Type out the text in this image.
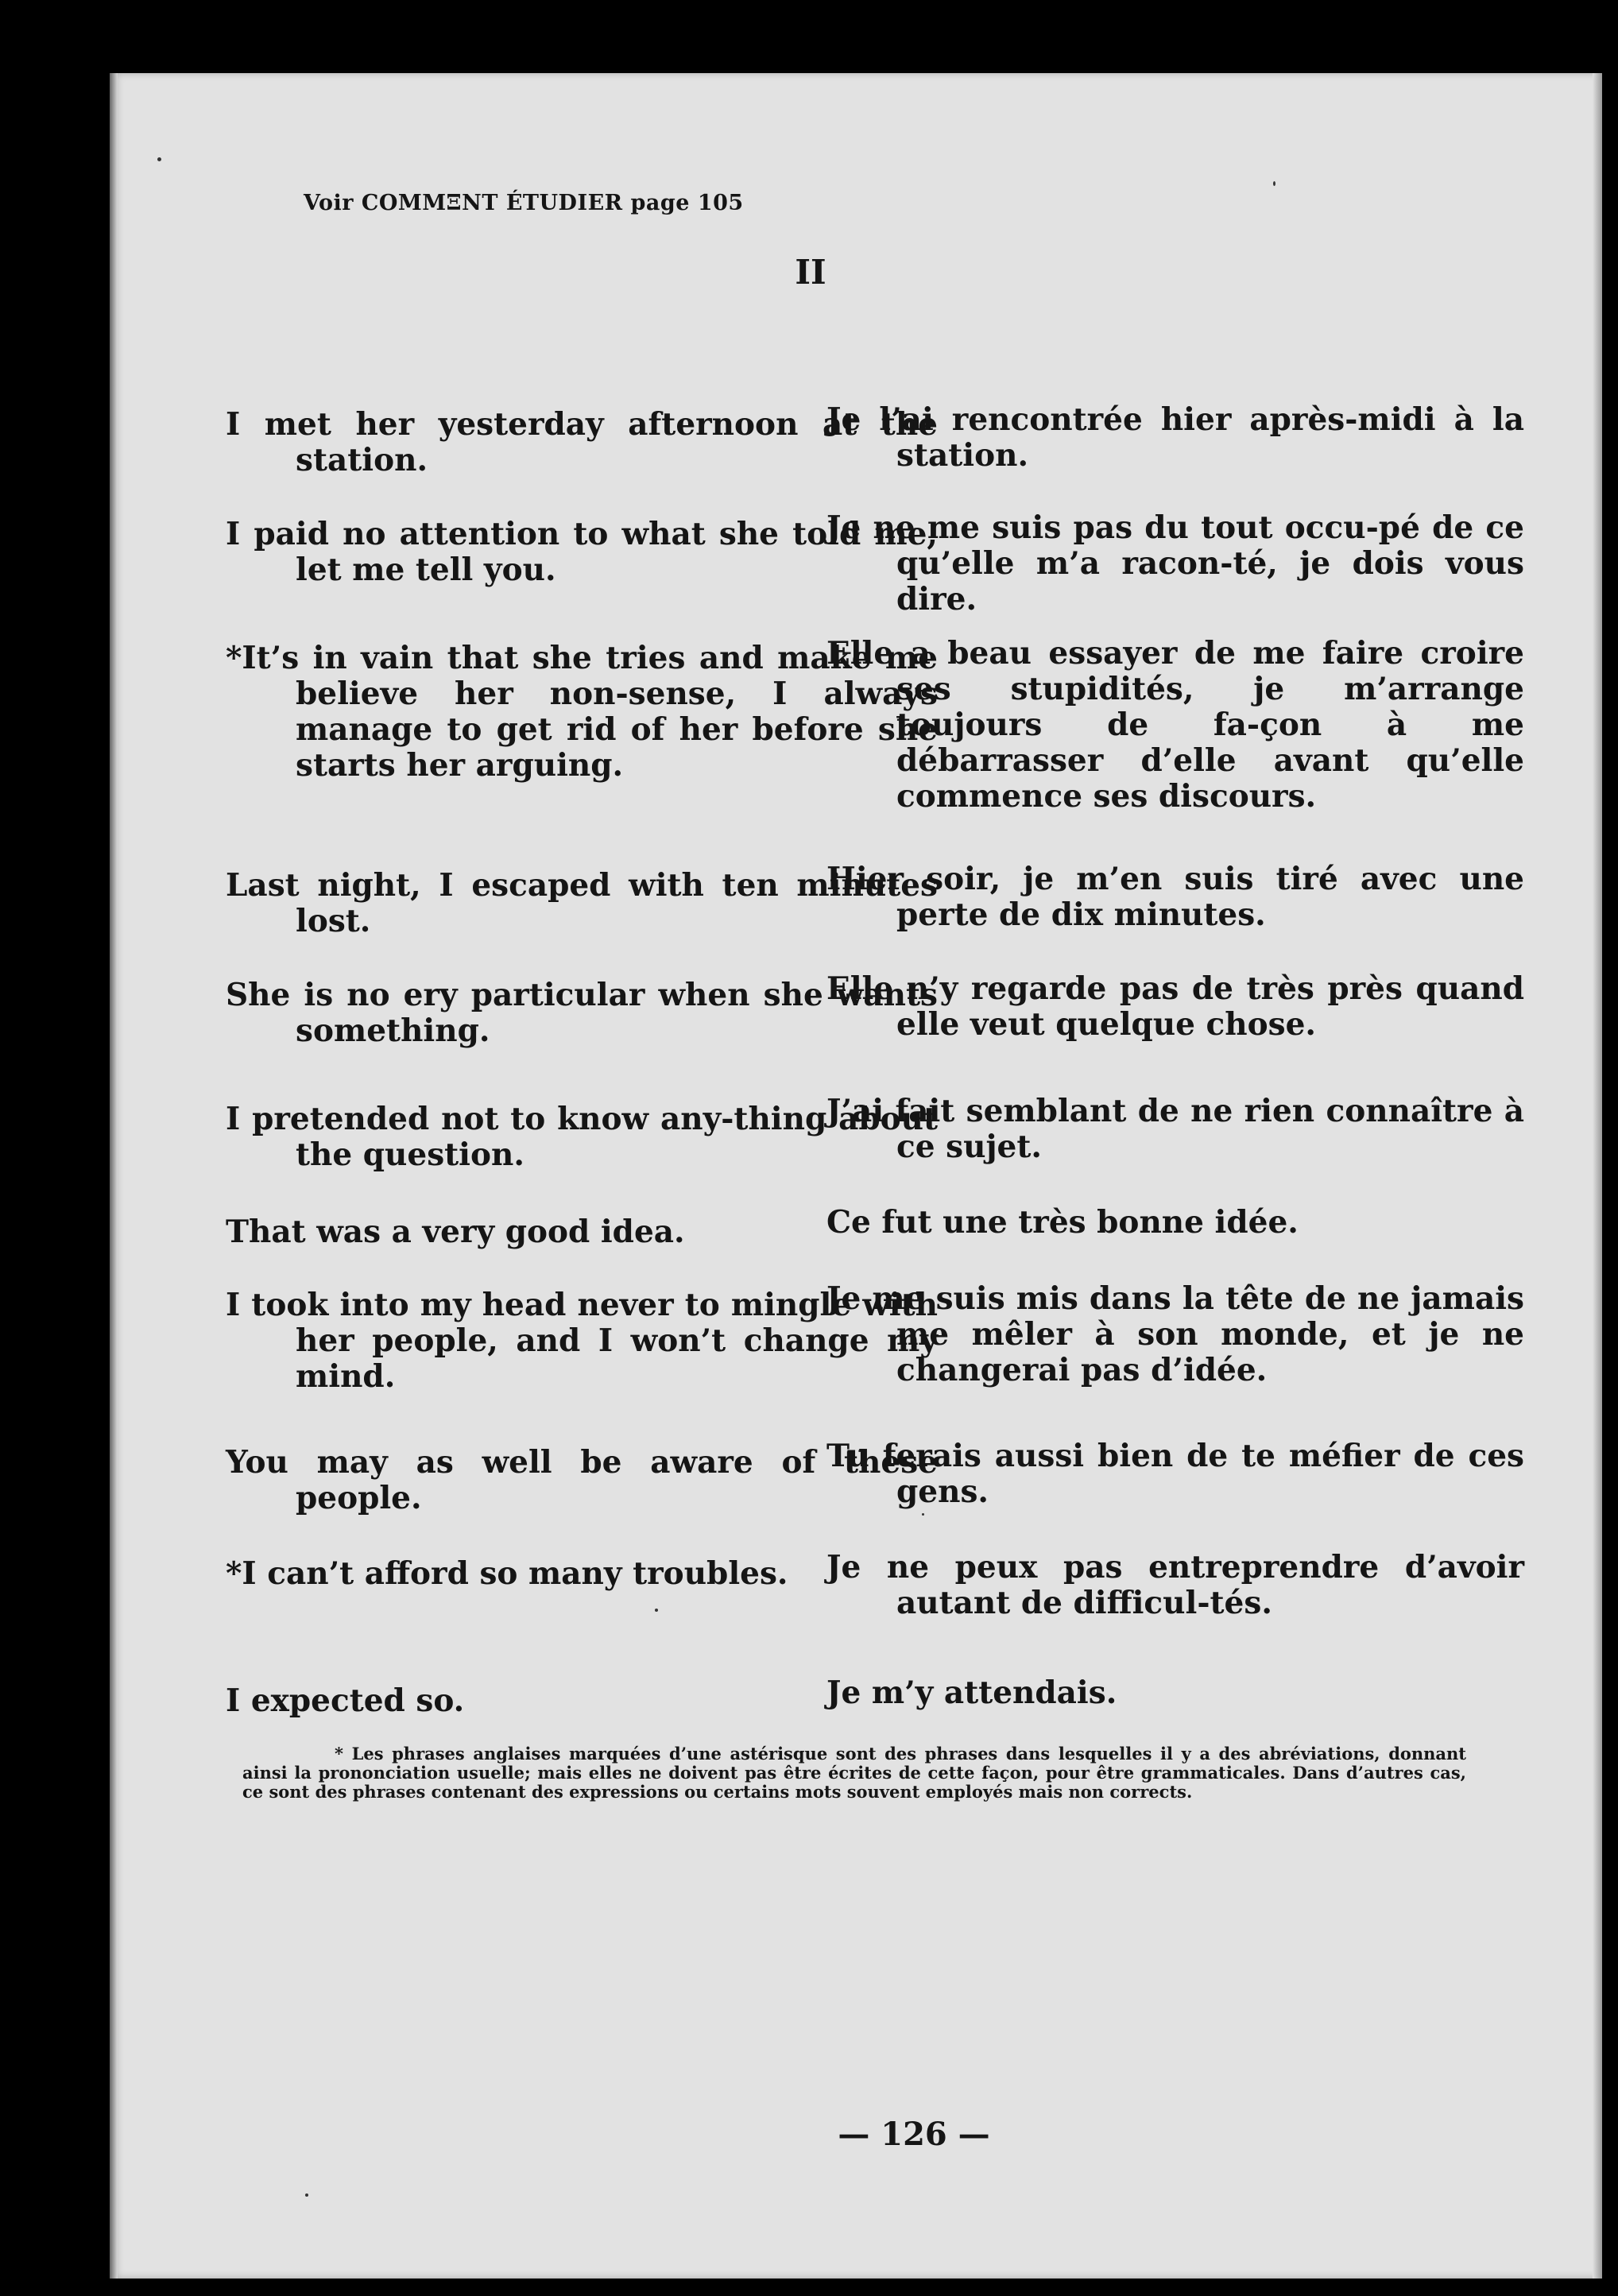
Voir COMMΞNT ÉTUDIER page 105
II
I met her yesterday afternoon at the station.
I paid no attention to what she told me, let me tell you.
*It’s in vain that she tries and make me believe her non-sense, I always manage to get rid of her before she starts her arguing.
Last night, I escaped with ten minutes lost.
She is no ery particular when she wants something.
I pretended not to know any-thing about the question.
That was a very good idea.
I took into my head never to mingle with her people, and I won’t change my mind.
You may as well be aware of these people.
*I can’t afford so many troubles.
I expected so.
Je l’ai rencontrée hier après-midi à la station.
Je ne me suis pas du tout occu-pé de ce qu’elle m’a racon-té, je dois vous dire.
Elle a beau essayer de me faire croire ses stupidités, je m’arrange toujours de fa-çon à me débarrasser d’elle avant qu’elle commence ses discours.
Hier soir, je m’en suis tiré avec une perte de dix minutes.
Elle n’y regarde pas de très près quand elle veut quelque chose.
J’ai fait semblant de ne rien connaître à ce sujet.
Ce fut une très bonne idée.
Je me suis mis dans la tête de ne jamais me mêler à son monde, et je ne changerai pas d’idée.
Tu ferais aussi bien de te méfier de ces gens.
Je ne peux pas entreprendre d’avoir autant de difficul-tés.
Je m’y attendais.
* Les phrases anglaises marquées d’une astérisque sont des phrases dans lesquelles il y a des abréviations, donnant ainsi la prononciation usuelle; mais elles ne doivent pas être écrites de cette façon, pour être grammaticales. Dans d’autres cas, ce sont des phrases contenant des expressions ou certains mots souvent employés mais non corrects.
— 126 —
